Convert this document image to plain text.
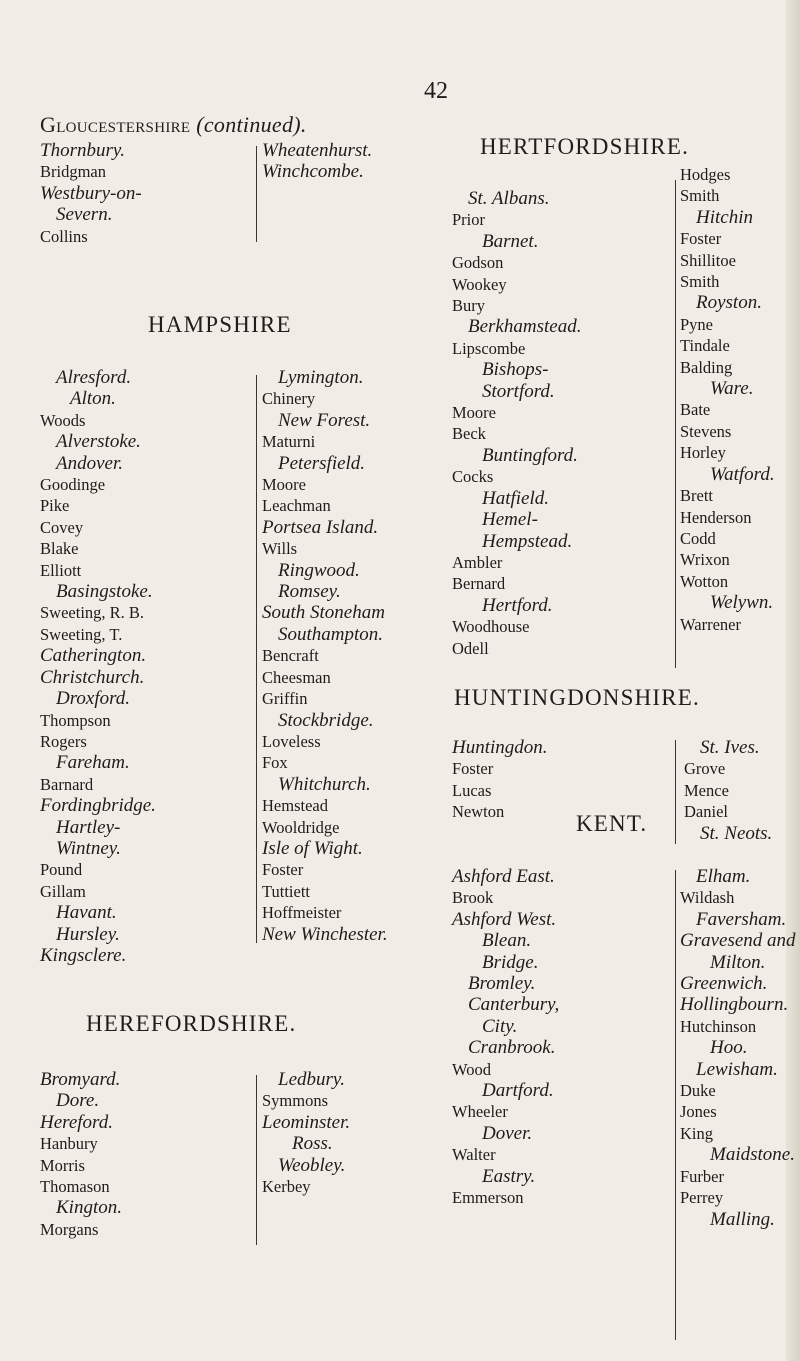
42
Gloucestershire (continued).
Thornbury.
Bridgman
Westbury-on-
Severn.
Collins
Wheatenhurst.
Winchcombe.
HAMPSHIRE
Alresford.
Alton.
Woods
Alverstoke.
Andover.
Goodinge
Pike
Covey
Blake
Elliott
Basingstoke.
Sweeting, R. B.
Sweeting, T.
Catherington.
Christchurch.
Droxford.
Thompson
Rogers
Fareham.
Barnard
Fordingbridge.
Hartley-
Wintney.
Pound
Gillam
Havant.
Hursley.
Kingsclere.
Lymington.
Chinery
New Forest.
Maturni
Petersfield.
Moore
Leachman
Portsea Island.
Wills
Ringwood.
Romsey.
South Stoneham
Southampton.
Bencraft
Cheesman
Griffin
Stockbridge.
Loveless
Fox
Whitchurch.
Hemstead
Wooldridge
Isle of Wight.
Foster
Tuttiett
Hoffmeister
New Winchester.
HEREFORDSHIRE.
Bromyard.
Dore.
Hereford.
Hanbury
Morris
Thomason
Kington.
Morgans
Ledbury.
Symmons
Leominster.
Ross.
Weobley.
Kerbey
HERTFORDSHIRE.
St. Albans.
Prior
Barnet.
Godson
Wookey
Bury
Berkhamstead.
Lipscombe
Bishops-
Stortford.
Moore
Beck
Buntingford.
Cocks
Hatfield.
Hemel-
Hempstead.
Ambler
Bernard
Hertford.
Woodhouse
Odell
Hodges
Smith
Hitchin
Foster
Shillitoe
Smith
Royston.
Pyne
Tindale
Balding
Ware.
Bate
Stevens
Horley
Watford.
Brett
Henderson
Codd
Wrixon
Wotton
Welywn.
Warrener
HUNTINGDONSHIRE.
Huntingdon.
Foster
Lucas
Newton
St. Ives.
Grove
Mence
Daniel
St. Neots.
KENT.
Ashford East.
Brook
Ashford West.
Blean.
Bridge.
Bromley.
Canterbury,
City.
Cranbrook.
Wood
Dartford.
Wheeler
Dover.
Walter
Eastry.
Emmerson
Elham.
Wildash
Faversham.
Gravesend and
Milton.
Greenwich.
Hollingbourn.
Hutchinson
Hoo.
Lewisham.
Duke
Jones
King
Maidstone.
Furber
Perrey
Malling.
